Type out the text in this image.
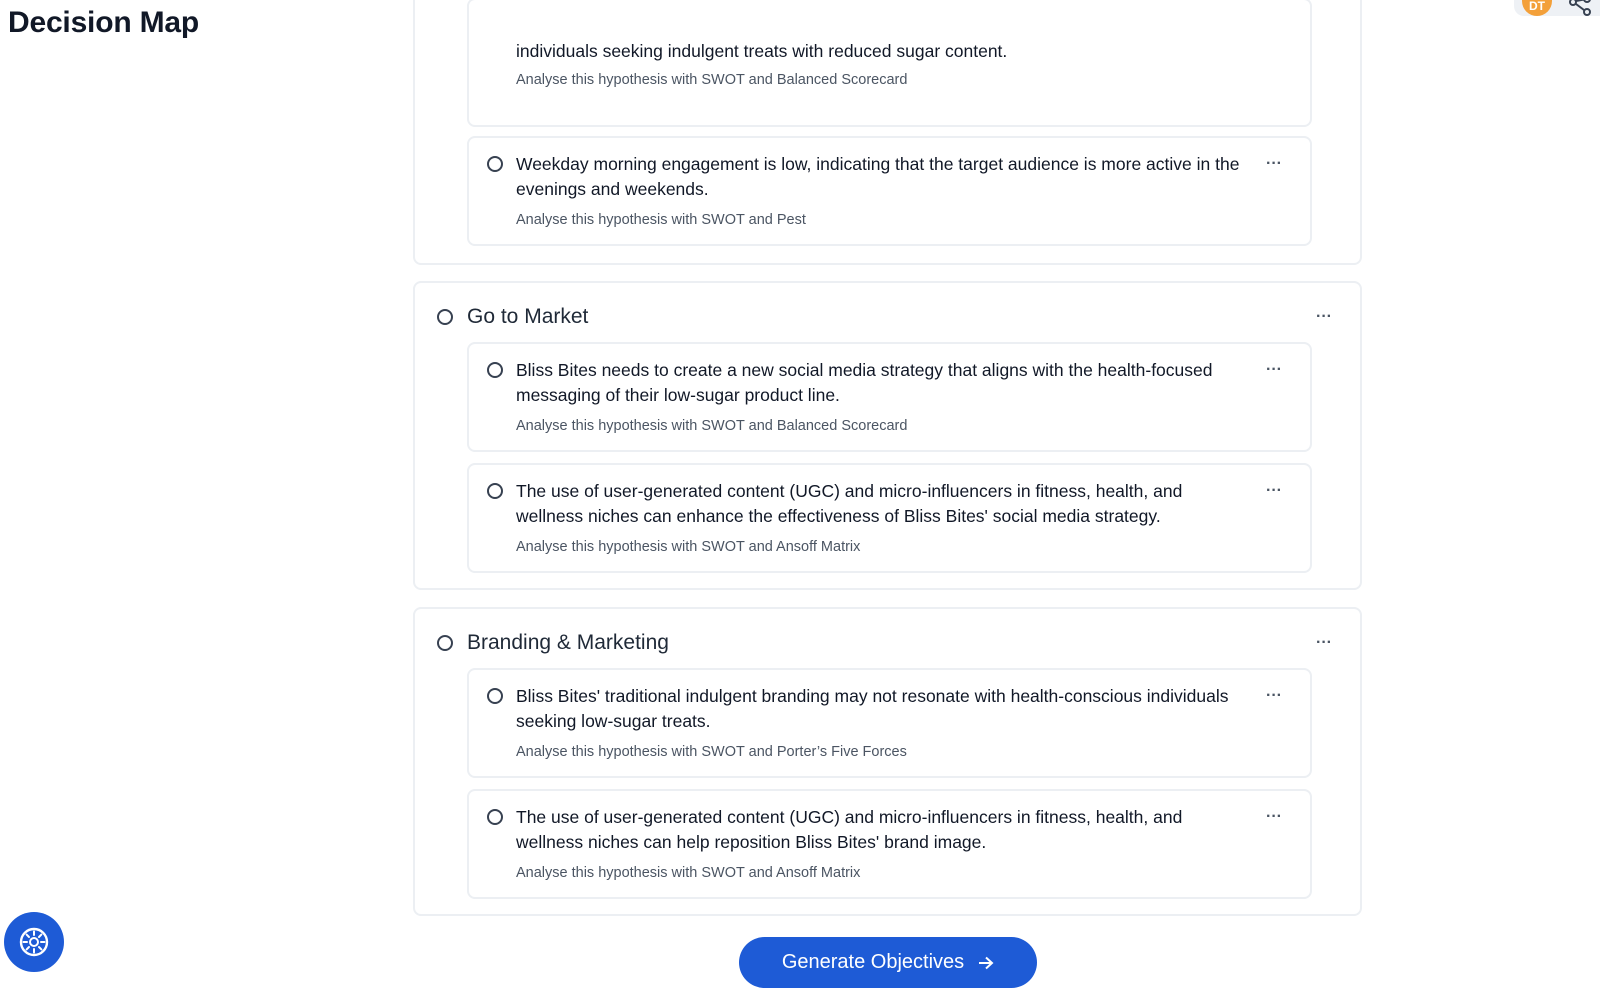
Decision Map	DT
individuals seeking indulgent treats with reduced sugar content.
Analyse this hypothesis with SWOT and Balanced Scorecard
Weekday morning engagement is low, indicating that the target audience is more active in the evenings and weekends.
Analyse this hypothesis with SWOT and Pest
···
Go to Market	···
Bliss Bites needs to create a new social media strategy that aligns with the health-focused messaging of their low-sugar product line.
Analyse this hypothesis with SWOT and Balanced Scorecard
···
The use of user-generated content (UGC) and micro-influencers in fitness, health, and wellness niches can enhance the effectiveness of Bliss Bites' social media strategy.
Analyse this hypothesis with SWOT and Ansoff Matrix
···
Branding & Marketing	···
Bliss Bites' traditional indulgent branding may not resonate with health-conscious individuals seeking low-sugar treats.
Analyse this hypothesis with SWOT and Porter’s Five Forces
···
The use of user-generated content (UGC) and micro-influencers in fitness, health, and wellness niches can help reposition Bliss Bites' brand image.
Analyse this hypothesis with SWOT and Ansoff Matrix
···
Generate Objectives
